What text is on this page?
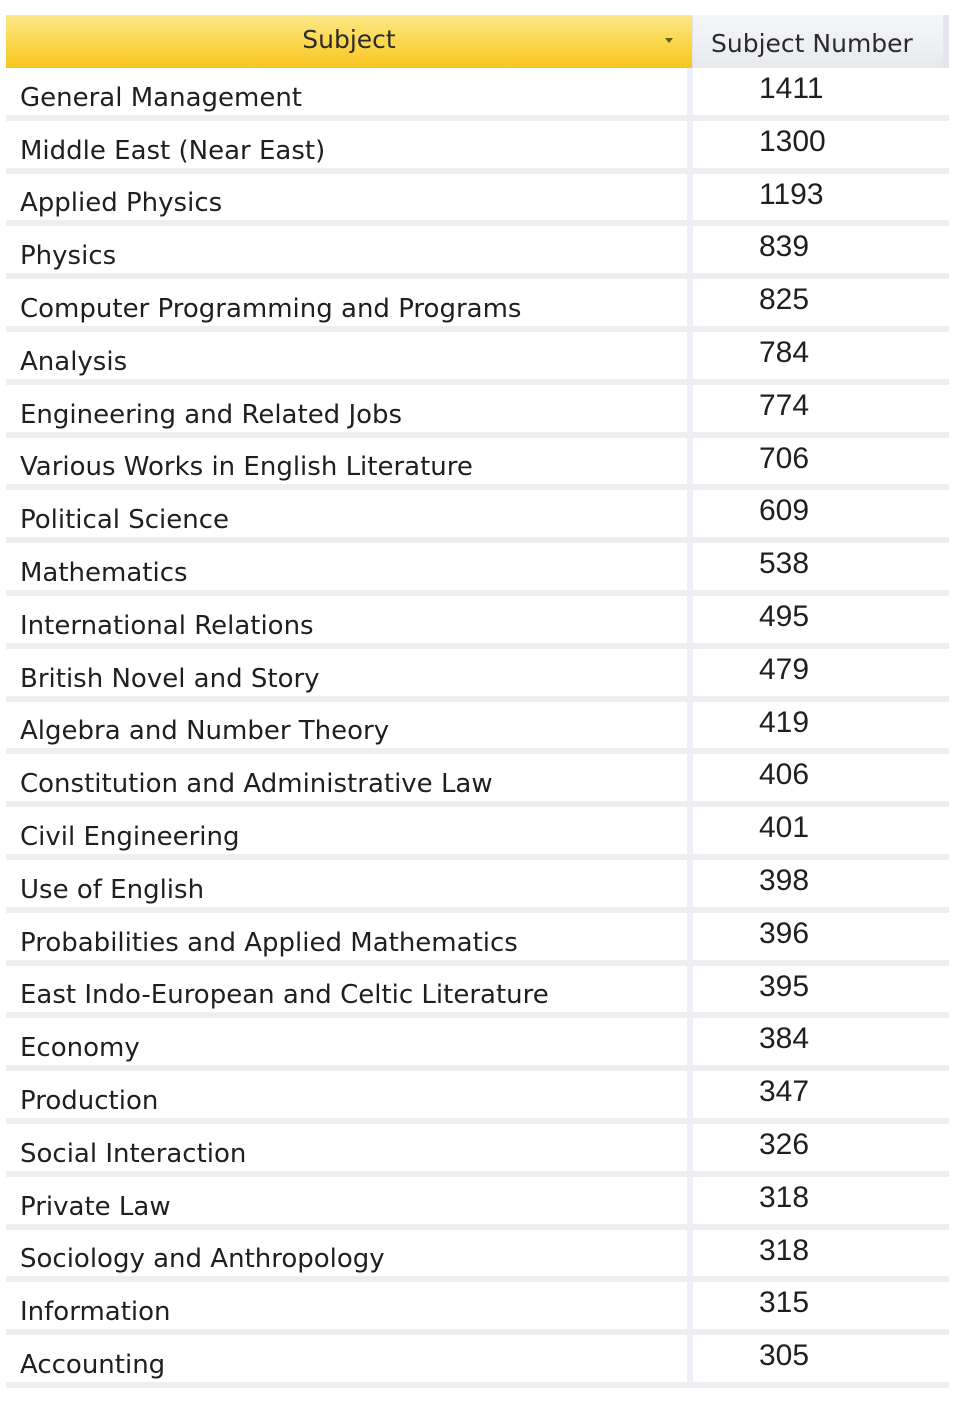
Subject	Subject Number
General Management	1411
Middle East (Near East)	1300
Applied Physics	1193
Physics	839
Computer Programming and Programs	825
Analysis	784
Engineering and Related Jobs	774
Various Works in English Literature	706
Political Science	609
Mathematics	538
International Relations	495
British Novel and Story	479
Algebra and Number Theory	419
Constitution and Administrative Law	406
Civil Engineering	401
Use of English	398
Probabilities and Applied Mathematics	396
East Indo-European and Celtic Literature	395
Economy	384
Production	347
Social Interaction	326
Private Law	318
Sociology and Anthropology	318
Information	315
Accounting	305
